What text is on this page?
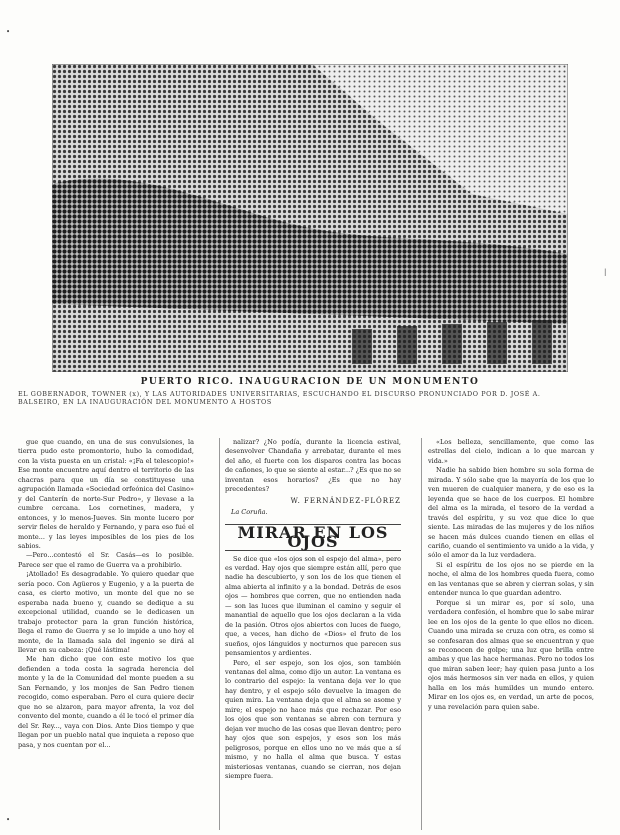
PUERTO RICO. INAUGURACION DE UN MONUMENTO
EL GOBERNADOR, TOWNER (x), Y LAS AUTORIDADES UNIVERSITARIAS, ESCUCHANDO EL DISCURSO PRONUNCIADO POR D. JOSÉ A. BALSEIRO, EN LA INAUGURACIÓN DEL MONUMENTO A HOSTOS

gue que cuando, en una de sus convulsiones, la tierra pudo este promontorio, hubo la comodidad, con la vista puesta en un cristal: «¡Fa el telescopio!» Ese monte encuentre aquí dentro el territorio de las chacras para que un día se constituyese una agrupación llamada «Sociedad orfeónica del Casino» y del Canterín de norte-Sur Pedro», y llevase a la cumbre cercana. Los cornetines, madera, y entonces, y lo menos-Jueves. Sin monte lucero por servir fieles de heraldo y Fernando, y para eso fué el monte... y las leyes imposibles de los pies de los sabios.

—Pero...contestó el Sr. Casás—es lo posible. Parece ser que el ramo de Guerra va a prohibirlo.

¡Atollado! Es desagradable. Yo quiero quedar que sería poco. Con Agüeros y Eugenio, y a la puerta de casa, es cierto motivo, un monte del que no se esperaba nada bueno y, cuando se dedique a su excepcional utilidad, cuando se le dedicasen un trabajo protector para la gran función histórica, llega el ramo de Guerra y se lo impide a uno hoy el monte, de la llamada sala del ingenio se dirá al llevar en su cabeza: ¡Qué lástima!

Me han dicho que con este motivo los que defienden a toda costa la sagrada herencia del monte y la de la Comunidad del monte pueden a su San Fernando, y los monjes de San Pedro tienen recogido, como esperaban. Pero el cura quiere decir que no se alzaron, para mayor afrenta, la voz del convento del monte, cuando a él le tocó el primer día del Sr. Rey..., vaya con Dios. Ante Dios tiempo y que llegan por un pueblo natal que inquieta a reposo que pasa, y nos cuentan por el...

nalizar? ¿No podía, durante la licencia estival, desenvolver Chandaña y arrebatar, durante el mes del año, el fuerte con los disparos contra las bocas de cañones, lo que se siente al estar...? ¿Es que no se inventan esos horarios? ¿Es que no hay precedentes?

W. FERNÁNDEZ-FLÓREZ
La Coruña.
MIRAR EN LOS OJOS

Se dice que «los ojos son el espejo del alma», pero es verdad. Hay ojos que siempre están allí, pero que nadie ha descubierto, y son los de los que tienen el alma abierta al infinito y a la bondad. Detrás de esos ojos — hombres que corren, que no entienden nada— son las luces que iluminan el camino y seguir el manantial de aquello que los ojos declaran a la vida de la pasión. Otros ojos abiertos con luces de fuego, que, a veces, han dicho de «Dios» el fruto de los sueños, ojos lánguidos y nocturnos que parecen sus pensamientos y ardientes.

Pero, el ser espejo, son los ojos, son también ventanas del alma, como dijo un autor. La ventana es lo contrario del espejo: la ventana deja ver lo que hay dentro, y el espejo sólo devuelve la imagen de quien mira. La ventana deja que el alma se asome y mire; el espejo no hace más que rechazar. Por eso los ojos que son ventanas se abren con ternura y dejan ver mucho de las cosas que llevan dentro; pero hay ojos que son espejos, y esos son los más peligrosos, porque en ellos uno no ve más que a sí mismo, y no halla el alma que busca. Y estas misteriosas ventanas, cuando se cierran, nos dejan siempre fuera.

«Los belleza, sencillamente, que como las estrellas del cielo, indican a lo que marcan y vida.»

Nadie ha sabido bien hombre su sola forma de mirada. Y sólo sabe que la mayoría de los que lo ven mueren de cualquier manera, y de eso es la leyenda que se hace de los cuerpos. El hombre del alma es la mirada, el tesoro de la verdad a través del espíritu, y su voz que dice lo que siente. Las miradas de las mujeres y de los niños se hacen más dulces cuando tienen en ellas el cariño, cuando el sentimiento va unido a la vida, y sólo el amor da la luz verdadera.

Si el espíritu de los ojos no se pierde en la noche, el alma de los hombres queda fuera, como en las ventanas que se abren y cierran solas, y sin entender nunca lo que guardan adentro.

Porque si un mirar es, por sí solo, una verdadera confesión, el hombre que lo sabe mirar lee en los ojos de la gente lo que ellos no dicen. Cuando una mirada se cruza con otra, es como si se confesaran dos almas que se encuentran y que se reconocen de golpe; una luz que brilla entre ambas y que las hace hermanas. Pero no todos los que miran saben leer; hay quien pasa junto a los ojos más hermosos sin ver nada en ellos, y quien halla en los más humildes un mundo entero. Mirar en los ojos es, en verdad, un arte de pocos, y una revelación para quien sabe.

•
|
•
